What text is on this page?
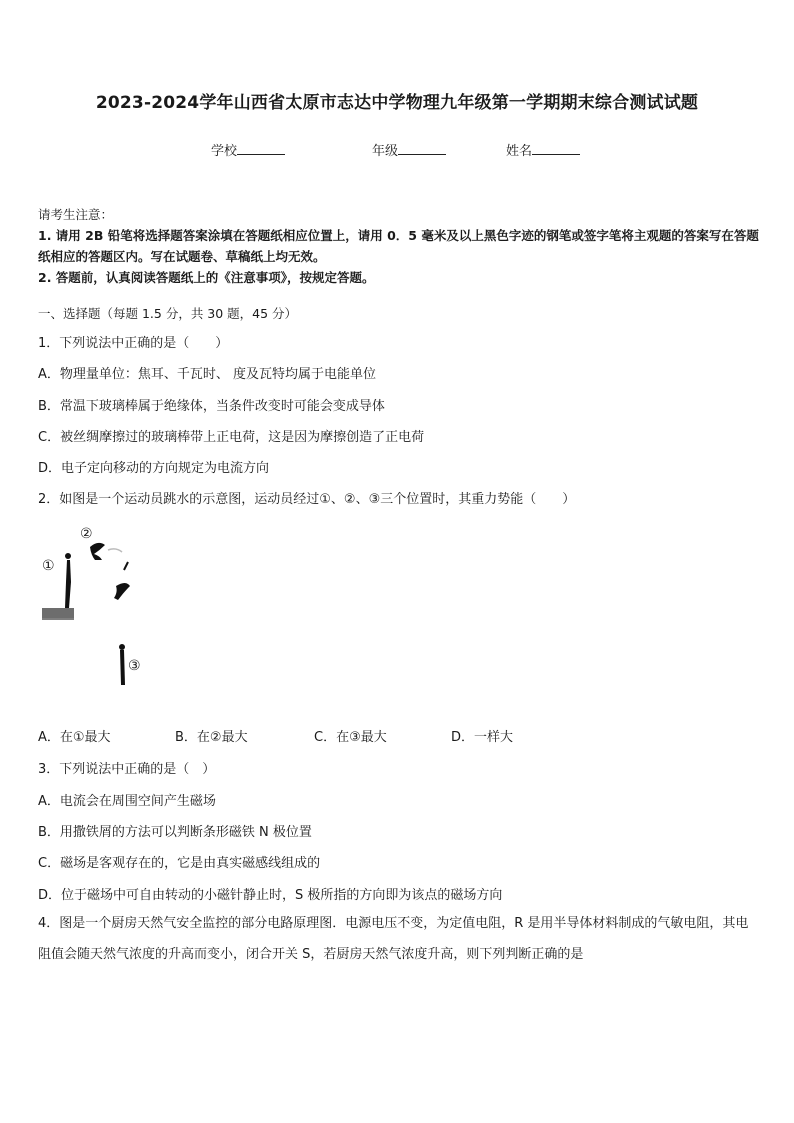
2023-2024学年山西省太原市志达中学物理九年级第一学期期末综合测试试题
学校	年级	姓名
请考生注意：
1. 请用 2B 铅笔将选择题答案涂填在答题纸相应位置上，请用 0．5 毫米及以上黑色字迹的钢笔或签字笔将主观题的答案写在答题纸相应的答题区内。写在试题卷、草稿纸上均无效。
2. 答题前，认真阅读答题纸上的《注意事项》，按规定答题。
一、选择题（每题 1.5 分，共 30 题，45 分）
1．下列说法中正确的是（　　）
A．物理量单位：焦耳、千瓦时、 度及瓦特均属于电能单位
B．常温下玻璃棒属于绝缘体，当条件改变时可能会变成导体
C．被丝绸摩擦过的玻璃棒带上正电荷，这是因为摩擦创造了正电荷
D．电子定向移动的方向规定为电流方向
2．如图是一个运动员跳水的示意图，运动员经过①、②、③三个位置时，其重力势能（　　）
①
②
③
A．在①最大	B．在②最大	C．在③最大	D．一样大
3．下列说法中正确的是（　）
A．电流会在周围空间产生磁场
B．用撒铁屑的方法可以判断条形磁铁 N 极位置
C．磁场是客观存在的，它是由真实磁感线组成的
D．位于磁场中可自由转动的小磁针静止时，S 极所指的方向即为该点的磁场方向
4．图是一个厨房天然气安全监控的部分电路原理图．电源电压不变，为定值电阻，R 是用半导体材料制成的气敏电阻，其电阻值会随天然气浓度的升高而变小，闭合开关 S，若厨房天然气浓度升高，则下列判断正确的是
